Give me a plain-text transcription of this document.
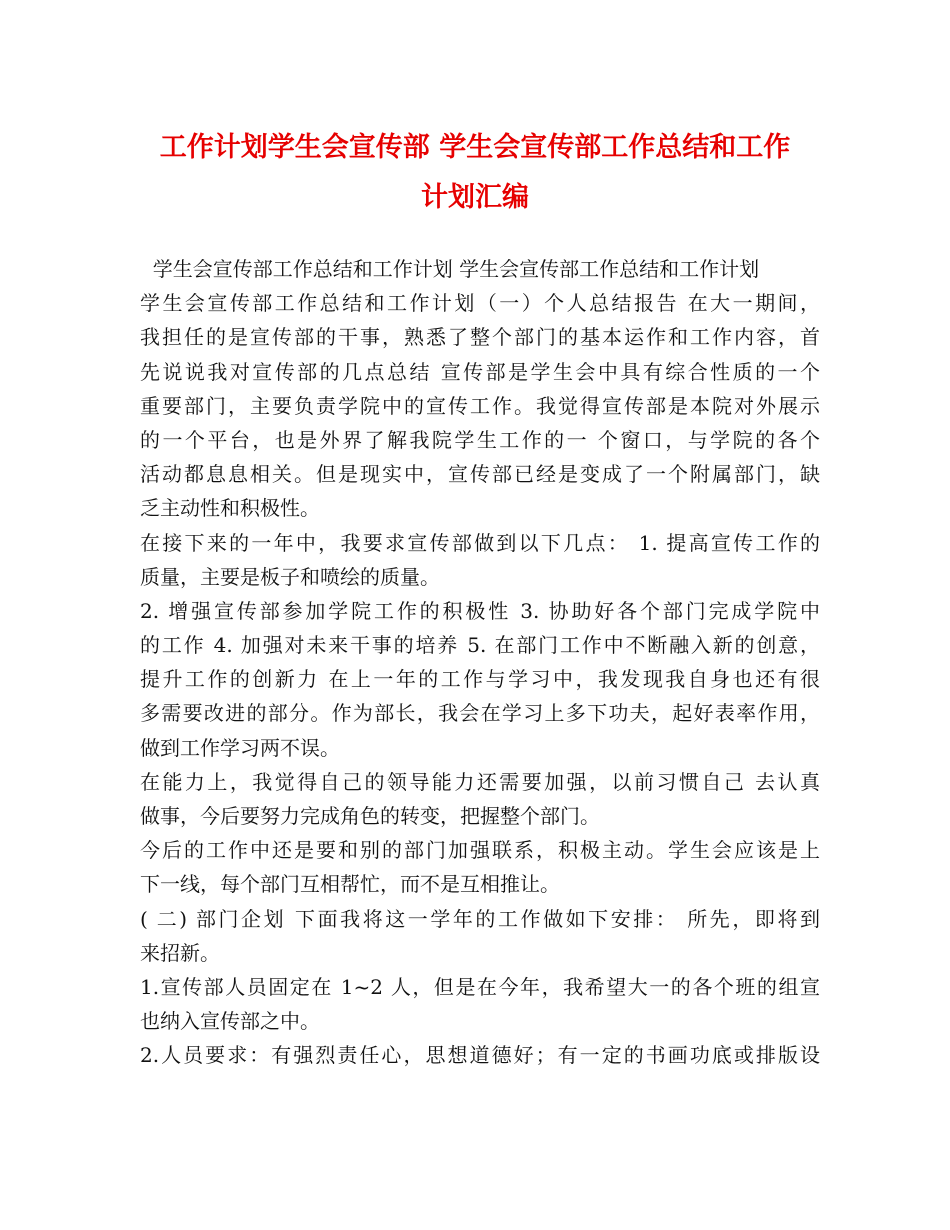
工作计划学生会宣传部 学生会宣传部工作总结和工作
计划汇编
学生会宣传部工作总结和工作计划 学生会宣传部工作总结和工作计划
学生会宣传部工作总结和工作计划（一）个人总结报告 在大一期间，
我担任的是宣传部的干事，熟悉了整个部门的基本运作和工作内容，首
先说说我对宣传部的几点总结 宣传部是学生会中具有综合性质的一个
重要部门，主要负责学院中的宣传工作。我觉得宣传部是本院对外展示
的一个平台，也是外界了解我院学生工作的一 个窗口，与学院的各个
活动都息息相关。但是现实中，宣传部已经是变成了一个附属部门，缺
乏主动性和积极性。
在接下来的一年中，我要求宣传部做到以下几点： 1. 提高宣传工作的
质量，主要是板子和喷绘的质量。
2. 增强宣传部参加学院工作的积极性 3. 协助好各个部门完成学院中
的工作 4. 加强对未来干事的培养 5. 在部门工作中不断融入新的创意，
提升工作的创新力 在上一年的工作与学习中，我发现我自身也还有很
多需要改进的部分。作为部长，我会在学习上多下功夫，起好表率作用，
做到工作学习两不误。
在能力上，我觉得自己的领导能力还需要加强，以前习惯自己 去认真
做事，今后要努力完成角色的转变，把握整个部门。
今后的工作中还是要和别的部门加强联系，积极主动。学生会应该是上
下一线，每个部门互相帮忙，而不是互相推让。
( 二) 部门企划 下面我将这一学年的工作做如下安排： 所先，即将到
来招新。
1.宣传部人员固定在 1~2 人，但是在今年，我希望大一的各个班的组宣
也纳入宣传部之中。
2.人员要求：有强烈责任心，思想道德好；有一定的书画功底或排版设
